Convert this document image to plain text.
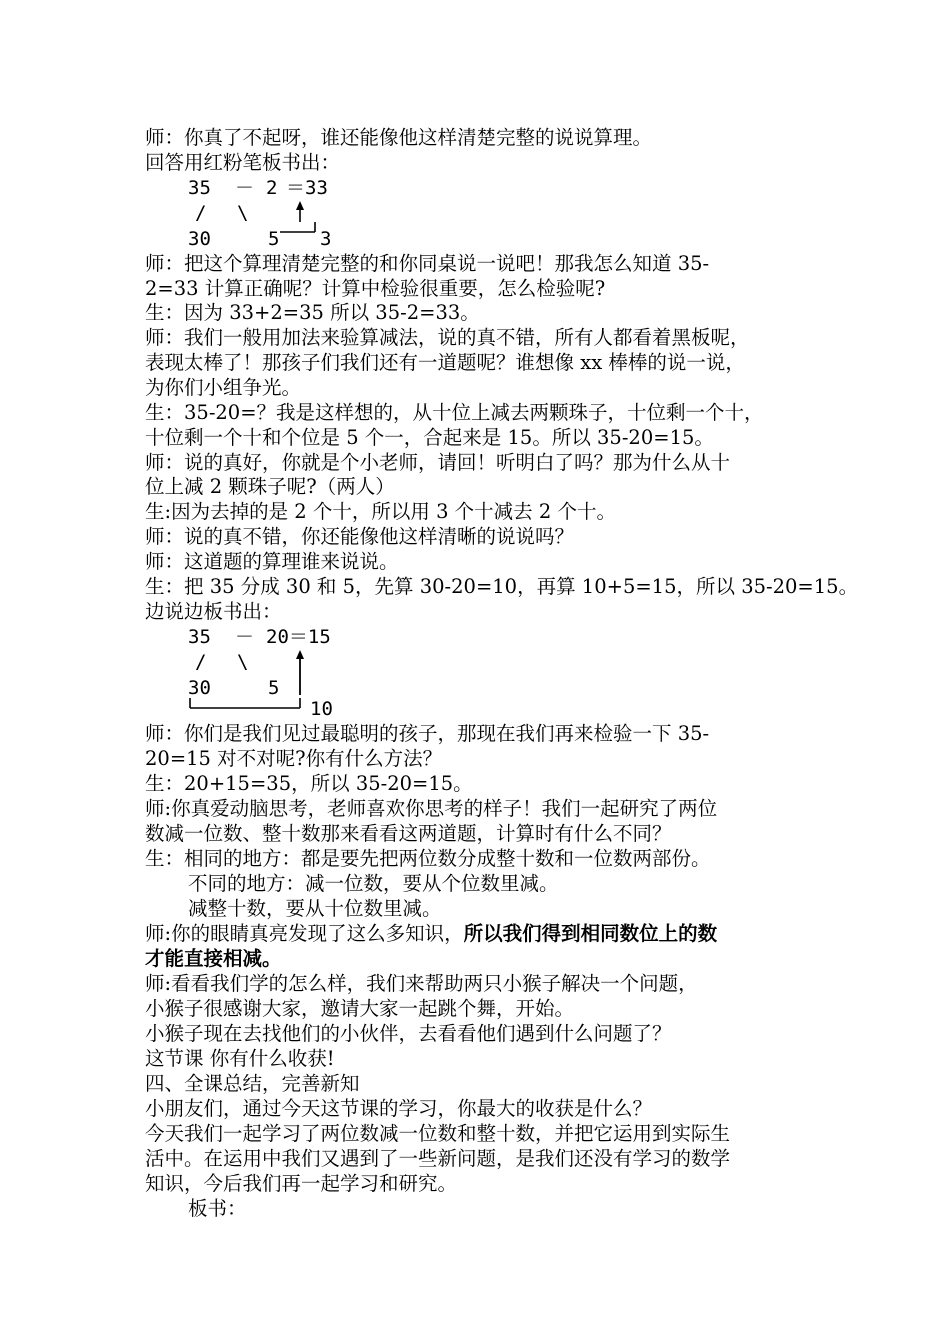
师：你真了不起呀，谁还能像他这样清楚完整的说说算理。
回答用红粉笔板书出：
35 － 2 ＝33
/ \
30	5 3
师：把这个算理清楚完整的和你同桌说一说吧！那我怎么知道 35-
2=33 计算正确呢？计算中检验很重要，怎么检验呢?
生：因为 33+2=35 所以 35-2=33。
师：我们一般用加法来验算减法，说的真不错，所有人都看着黑板呢，
表现太棒了！那孩子们我们还有一道题呢？谁想像 xx 棒棒的说一说，
为你们小组争光。
生：35-20=？我是这样想的，从十位上减去两颗珠子，十位剩一个十，
十位剩一个十和个位是 5 个一，合起来是 15。所以 35-20=15。
师：说的真好，你就是个小老师，请回！听明白了吗？那为什么从十
位上减 2 颗珠子呢?（两人）
生:因为去掉的是 2 个十，所以用 3 个十减去 2 个十。
师：说的真不错，你还能像他这样清晰的说说吗？
师：这道题的算理谁来说说。
生：把 35 分成 30 和 5，先算 30-20=10，再算 10+5=15，所以 35-20=15。
边说边板书出：
35 － 20＝15
/ \
30	5
10
师：你们是我们见过最聪明的孩子，那现在我们再来检验一下 35-
20=15 对不对呢?你有什么方法？
生：20+15=35，所以 35-20=15。
师:你真爱动脑思考，老师喜欢你思考的样子！我们一起研究了两位
数减一位数、整十数那来看看这两道题，计算时有什么不同？
生：相同的地方：都是要先把两位数分成整十数和一位数两部份。
不同的地方：减一位数，要从个位数里减。
减整十数，要从十位数里减。
师:你的眼睛真亮发现了这么多知识，所以我们得到相同数位上的数
才能直接相减。
师:看看我们学的怎么样，我们来帮助两只小猴子解决一个问题，
小猴子很感谢大家，邀请大家一起跳个舞，开始。
小猴子现在去找他们的小伙伴，去看看他们遇到什么问题了？
这节课 你有什么收获!
四、全课总结，完善新知
小朋友们，通过今天这节课的学习，你最大的收获是什么？
今天我们一起学习了两位数减一位数和整十数，并把它运用到实际生
活中。在运用中我们又遇到了一些新问题，是我们还没有学习的数学
知识，今后我们再一起学习和研究。
板书：
